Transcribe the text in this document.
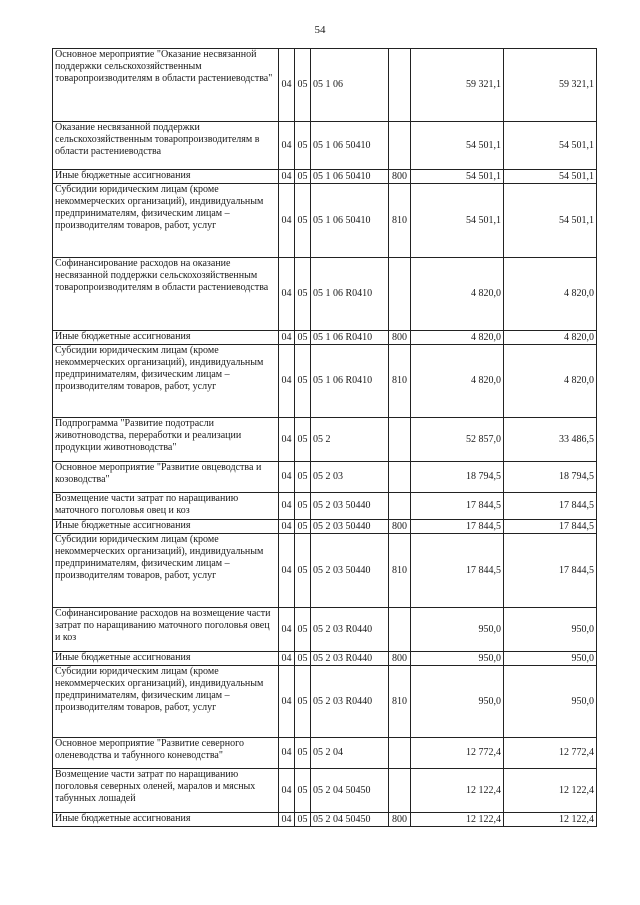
54
Основное мероприятие "Оказание несвязанной поддержки сельскохозяйственным товаропроизводителям в области растениеводства"	04	05	05 1 06		59 321,1	59 321,1
Оказание несвязанной поддержки сельскохозяйственным товаропроизводителям в области растениеводства	04	05	05 1 06 50410		54 501,1	54 501,1
Иные бюджетные ассигнования	04	05	05 1 06 50410	800	54 501,1	54 501,1
Субсидии юридическим лицам (кроме некоммерческих организаций), индивидуальным предпринимателям, физическим лицам – производителям товаров, работ, услуг	04	05	05 1 06 50410	810	54 501,1	54 501,1
Софинансирование расходов на оказание несвязанной поддержки сельскохозяйственным товаропроизводителям в области растениеводства	04	05	05 1 06 R0410		4 820,0	4 820,0
Иные бюджетные ассигнования	04	05	05 1 06 R0410	800	4 820,0	4 820,0
Субсидии юридическим лицам (кроме некоммерческих организаций), индивидуальным предпринимателям, физическим лицам – производителям товаров, работ, услуг	04	05	05 1 06 R0410	810	4 820,0	4 820,0
Подпрограмма "Развитие подотрасли животноводства, переработки и реализации продукции животноводства"	04	05	05 2		52 857,0	33 486,5
Основное мероприятие "Развитие овцеводства и козоводства"	04	05	05 2 03		18 794,5	18 794,5
Возмещение части затрат по наращиванию маточного поголовья овец и коз	04	05	05 2 03 50440		17 844,5	17 844,5
Иные бюджетные ассигнования	04	05	05 2 03 50440	800	17 844,5	17 844,5
Субсидии юридическим лицам (кроме некоммерческих организаций), индивидуальным предпринимателям, физическим лицам – производителям товаров, работ, услуг	04	05	05 2 03 50440	810	17 844,5	17 844,5
Софинансирование расходов на возмещение части затрат по наращиванию маточного поголовья овец и коз	04	05	05 2 03 R0440		950,0	950,0
Иные бюджетные ассигнования	04	05	05 2 03 R0440	800	950,0	950,0
Субсидии юридическим лицам (кроме некоммерческих организаций), индивидуальным предпринимателям, физическим лицам – производителям товаров, работ, услуг	04	05	05 2 03 R0440	810	950,0	950,0
Основное мероприятие "Развитие северного оленеводства и табунного коневодства"	04	05	05 2 04		12 772,4	12 772,4
Возмещение части затрат по наращиванию поголовья северных оленей, маралов и мясных табунных лошадей	04	05	05 2 04 50450		12 122,4	12 122,4
Иные бюджетные ассигнования	04	05	05 2 04 50450	800	12 122,4	12 122,4
